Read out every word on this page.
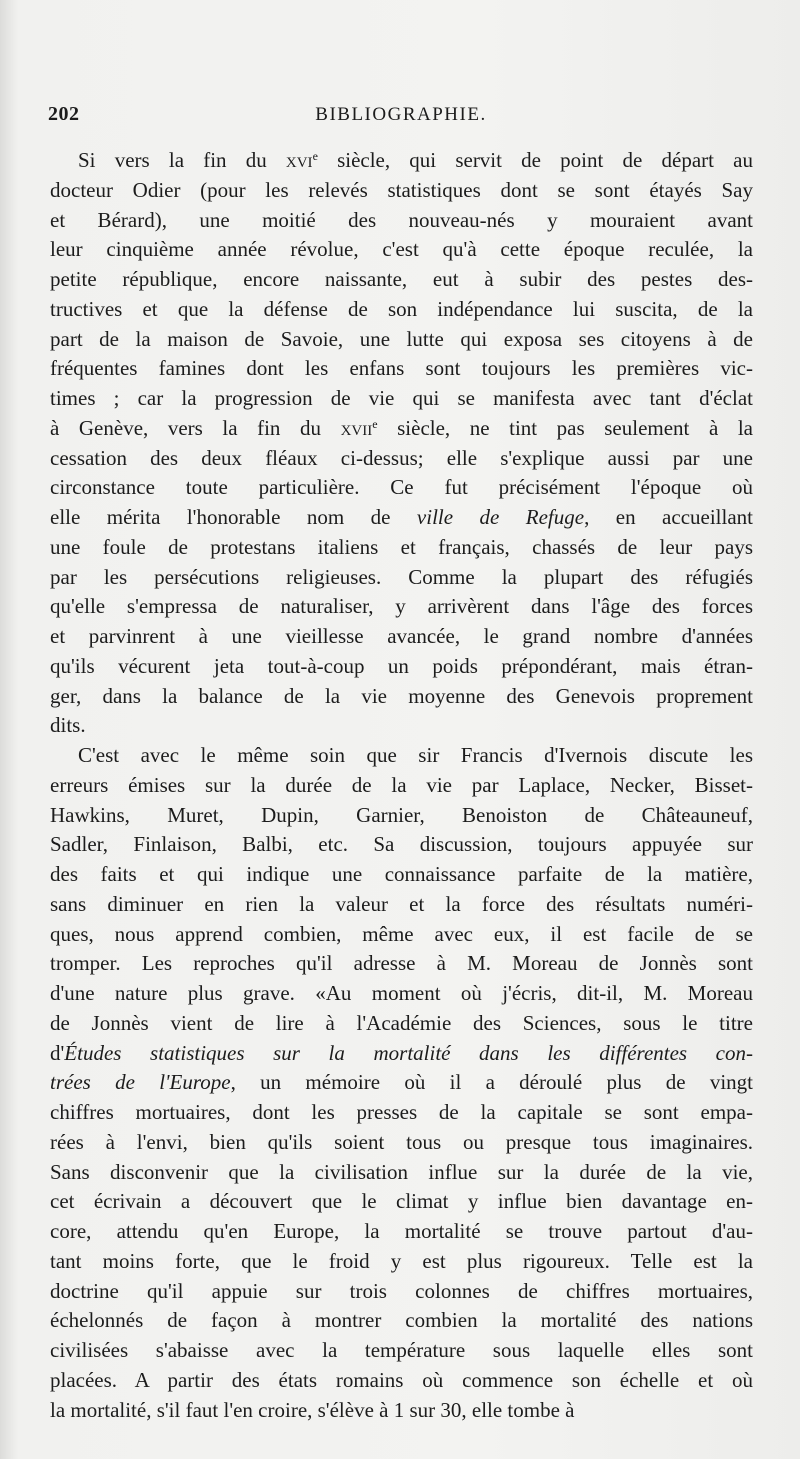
202	BIBLIOGRAPHIE.

Si vers la fin du xvi$^e$ siècle, qui servit de point de départ au
docteur Odier (pour les relevés statistiques dont se sont étayés Say
et Bérard), une moitié des nouveau-nés y mouraient avant
leur cinquième année révolue, c'est qu'à cette époque reculée, la
petite république, encore naissante, eut à subir des pestes des-
tructives et que la défense de son indépendance lui suscita, de la
part de la maison de Savoie, une lutte qui exposa ses citoyens à de
fréquentes famines dont les enfans sont toujours les premières vic-
times ; car la progression de vie qui se manifesta avec tant d'éclat
à Genève, vers la fin du xvii$^e$ siècle, ne tint pas seulement à la
cessation des deux fléaux ci-dessus; elle s'explique aussi par une
circonstance toute particulière. Ce fut précisément l'époque où
elle mérita l'honorable nom de ville de Refuge, en accueillant
une foule de protestans italiens et français, chassés de leur pays
par les persécutions religieuses. Comme la plupart des réfugiés
qu'elle s'empressa de naturaliser, y arrivèrent dans l'âge des forces
et parvinrent à une vieillesse avancée, le grand nombre d'années
qu'ils vécurent jeta tout-à-coup un poids prépondérant, mais étran-
ger, dans la balance de la vie moyenne des Genevois proprement
dits.

C'est avec le même soin que sir Francis d'Ivernois discute les
erreurs émises sur la durée de la vie par Laplace, Necker, Bisset-
Hawkins, Muret, Dupin, Garnier, Benoiston de Châteauneuf,
Sadler, Finlaison, Balbi, etc. Sa discussion, toujours appuyée sur
des faits et qui indique une connaissance parfaite de la matière,
sans diminuer en rien la valeur et la force des résultats numéri-
ques, nous apprend combien, même avec eux, il est facile de se
tromper. Les reproches qu'il adresse à M. Moreau de Jonnès sont
d'une nature plus grave. «Au moment où j'écris, dit-il, M. Moreau
de Jonnès vient de lire à l'Académie des Sciences, sous le titre
d'Études statistiques sur la mortalité dans les différentes con-
trées de l'Europe, un mémoire où il a déroulé plus de vingt
chiffres mortuaires, dont les presses de la capitale se sont empa-
rées à l'envi, bien qu'ils soient tous ou presque tous imaginaires.
Sans disconvenir que la civilisation influe sur la durée de la vie,
cet écrivain a découvert que le climat y influe bien davantage en-
core, attendu qu'en Europe, la mortalité se trouve partout d'au-
tant moins forte, que le froid y est plus rigoureux. Telle est la
doctrine qu'il appuie sur trois colonnes de chiffres mortuaires,
échelonnés de façon à montrer combien la mortalité des nations
civilisées s'abaisse avec la température sous laquelle elles sont
placées. A partir des états romains où commence son échelle et où
la mortalité, s'il faut l'en croire, s'élève à 1 sur 30, elle tombe à
